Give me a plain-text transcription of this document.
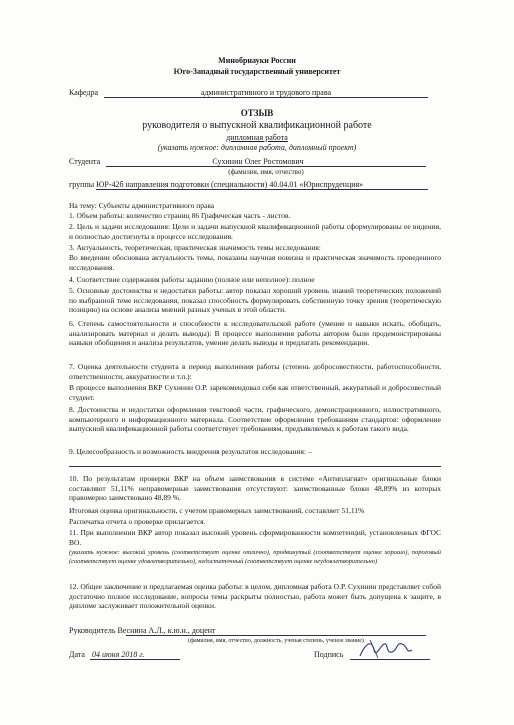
Минобрнауки России
Юго-Западный государственный университет
Кафедра	административного и трудового права
ОТЗЫВ
руководителя о выпускной квалификационной работе
дипломная работа
(указать нужное: дипломная работа, дипломный проект)
Студента	Сухинин Олег Ростомович
(фамилия, имя, отчество)
группы ЮР-42б направления подготовки (специальности) 40.04.01 «Юриспруденция»
На тему: Субъекты административного права
1. Объем работы: количество страниц 86 Графическая часть - листов.
2. Цель и задачи исследования: Цели и задачи выпускной квалификационной работы сформулированы ее видения, и полностью достигнуты в процессе исследования.
3. Актуальность, теоретическая, практическая значимость темы исследования:
Во введении обоснована актуальность темы, показаны научная новизна и практическая значимость проведенного исследования.
4. Соответствие содержания работы заданию (полное или неполное): полное
5. Основные достоинства и недостатки работы: автор показал хороший уровень знаний теоретических положений по выбранной теме исследования, показал способность формулировать собственную точку зрения (теоретическую позицию) на основе анализа мнений разных ученых в этой области.
6. Степень самостоятельности и способности к исследовательской работе (умение и навыки искать, обобщать, анализировать материал и делать выводы): В процессе выполнения работы автором были продемонстрированы навыки обобщения и анализа результатов, умение делать выводы и предлагать рекомендации.
7. Оценка деятельности студента в период выполнения работы (степень добросовестности, работоспособности, ответственности, аккуратности и т.п.):
В процессе выполнения ВКР Сухинин О.Р. зарекомендовал себя как ответственный, аккуратный и добросовестный студент.
8. Достоинства и недостатки оформления текстовой части, графического, демонстрационного, иллюстративного, компьютерного и информационного материала. Соответствие оформления требованиям стандартов: оформление выпускной квалификационной работы соответствует требованиям, предъявляемых к работам такого вида.
9. Целесообразность и возможность внедрения результатов исследования: –
10. По результатам проверки ВКР на объем заимствования в системе «Антиплагиат» оригинальные блоки составляют 51,11% неправомерные заимствования отсутствуют: заимствованные блоки 48,89% из которых правомерно заимствовано 48,89 %.
Итоговая оценка оригинальности, с учетом правомерных заимствований, составляет 51,11%
Распечатка отчета о проверке прилагается.
11. При выполнении ВКР автор показал высокий уровень сформированности компетенций, установленных ФГОС ВО.
(указать нужное: высокий уровень (соответствует оценке отлично), продвинутый (соответствует оценке хорошо), пороговый (соответствует оценке удовлетворительно), недостаточный (соответствует оценке неудовлетворительно)
12. Общее заключение и предлагаемая оценка работы: в целом, дипломная работа О.Р. Сухинин представляет собой достаточно полное исследование, вопросы темы раскрыты полностью, работа может быть допущена к защите, в дипломе заслуживает положительной оценки.
Руководитель Веснина А.Л., к.ю.н., доцент
(фамилия, имя, отчество, должность, ученая степень, ученое звание)
Дата 04 июня 2018 г.	Подпись
